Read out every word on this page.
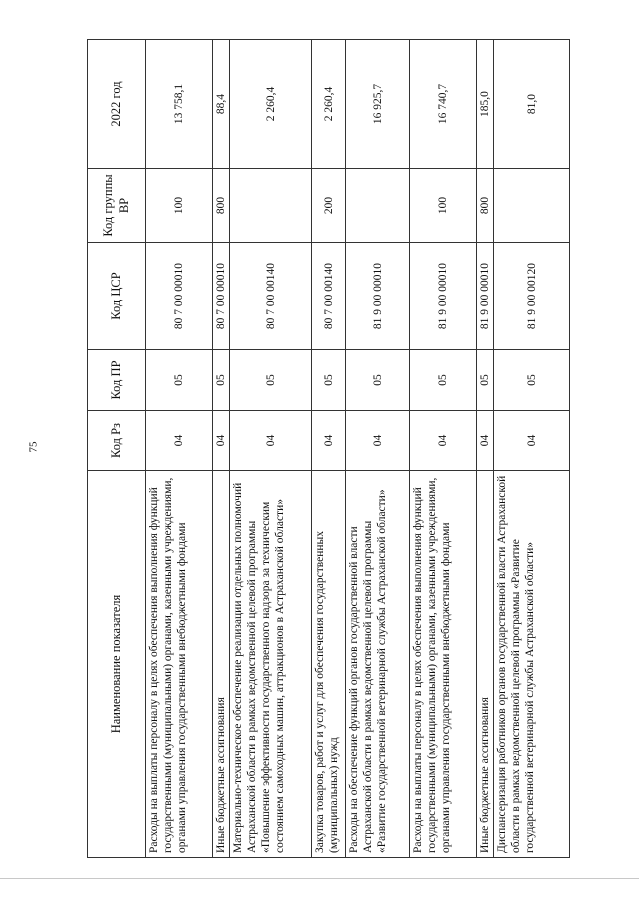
75
Наименование показателя	Код Рз	Код ПР	Код ЦСР	Код группы ВР	2022 год
Расходы на выплаты персоналу в целях обеспечения выполнения функций государственными (муниципальными) органами, казенными учреждениями, органами управления государственными внебюджетными фондами	04	05	80 7 00 00010	100	13 758,1
Иные бюджетные ассигнования	04	05	80 7 00 00010	800	88,4
Материально-техническое обеспечение реализации отдельных полномочий Астраханской области в рамках ведомственной целевой программы «Повышение эффективности государственного надзора за техническим состоянием самоходных машин, аттракционов в Астраханской области»	04	05	80 7 00 00140		2 260,4
Закупка товаров, работ и услуг для обеспечения государственных (муниципальных) нужд	04	05	80 7 00 00140	200	2 260,4
Расходы на обеспечение функций органов государственной власти Астраханской области в рамках ведомственной целевой программы «Развитие государственной ветеринарной службы Астраханской области»	04	05	81 9 00 00010		16 925,7
Расходы на выплаты персоналу в целях обеспечения выполнения функций государственными (муниципальными) органами, казенными учреждениями, органами управления государственными внебюджетными фондами	04	05	81 9 00 00010	100	16 740,7
Иные бюджетные ассигнования	04	05	81 9 00 00010	800	185,0
Диспансеризация работников органов государственной власти Астраханской области в рамках ведомственной целевой программы «Развитие государственной ветеринарной службы Астраханской области»	04	05	81 9 00 00120		81,0
